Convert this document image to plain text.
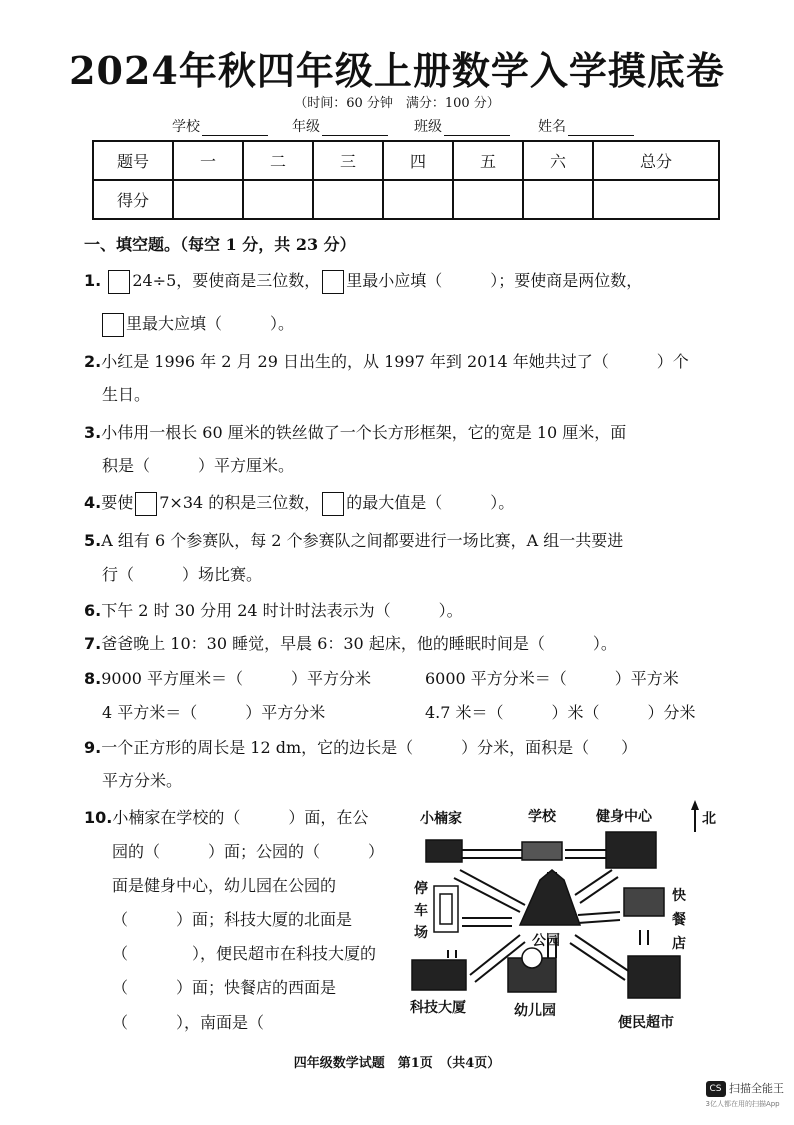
2024年秋四年级上册数学入学摸底卷
（时间：60 分钟　满分：100 分）
学校	年级	班级	姓名
题号	一	二	三	四	五	六	总分
得分							
一、填空题。（每空 1 分，共 23 分）
1. 24÷5，要使商是三位数， 里最小应填（　　　）；要使商是两位数，
里最大应填（　　　）。
2.小红是 1996 年 2 月 29 日出生的，从 1997 年到 2014 年她共过了（　　　）个
生日。
3.小伟用一根长 60 厘米的铁丝做了一个长方形框架，它的宽是 10 厘米，面
积是（　　　）平方厘米。
4.要使 7×34 的积是三位数， 的最大值是（　　　）。
5.A 组有 6 个参赛队，每 2 个参赛队之间都要进行一场比赛，A 组一共要进
行（　　　）场比赛。
6.下午 2 时 30 分用 24 时计时法表示为（　　　）。
7.爸爸晚上 10：30 睡觉，早晨 6：30 起床，他的睡眠时间是（　　　）。
8.9000 平方厘米＝（　　　）平方分米	6000 平方分米＝（　　　）平方米
4 平方米＝（　　　）平方分米	4.7 米＝（　　　）米（　　　）分米
9.一个正方形的周长是 12 dm，它的边长是（　　　）分米，面积是（　　）
平方分米。
10.小楠家在学校的（　　　）面，在公
园的（　　　）面；公园的（　　　）
面是健身中心，幼儿园在公园的
（　　　）面；科技大厦的北面是
（　　　　），便民超市在科技大厦的
（　　　）面；快餐店的西面是
（　　　），南面是（
北
小楠家	学校	健身中心
停
车
场
快
餐
店
公园
科技大厦	幼儿园
便民超市
四年级数学试题　第1页　（共4页）
CS 扫描全能王
3亿人都在用的扫描App
